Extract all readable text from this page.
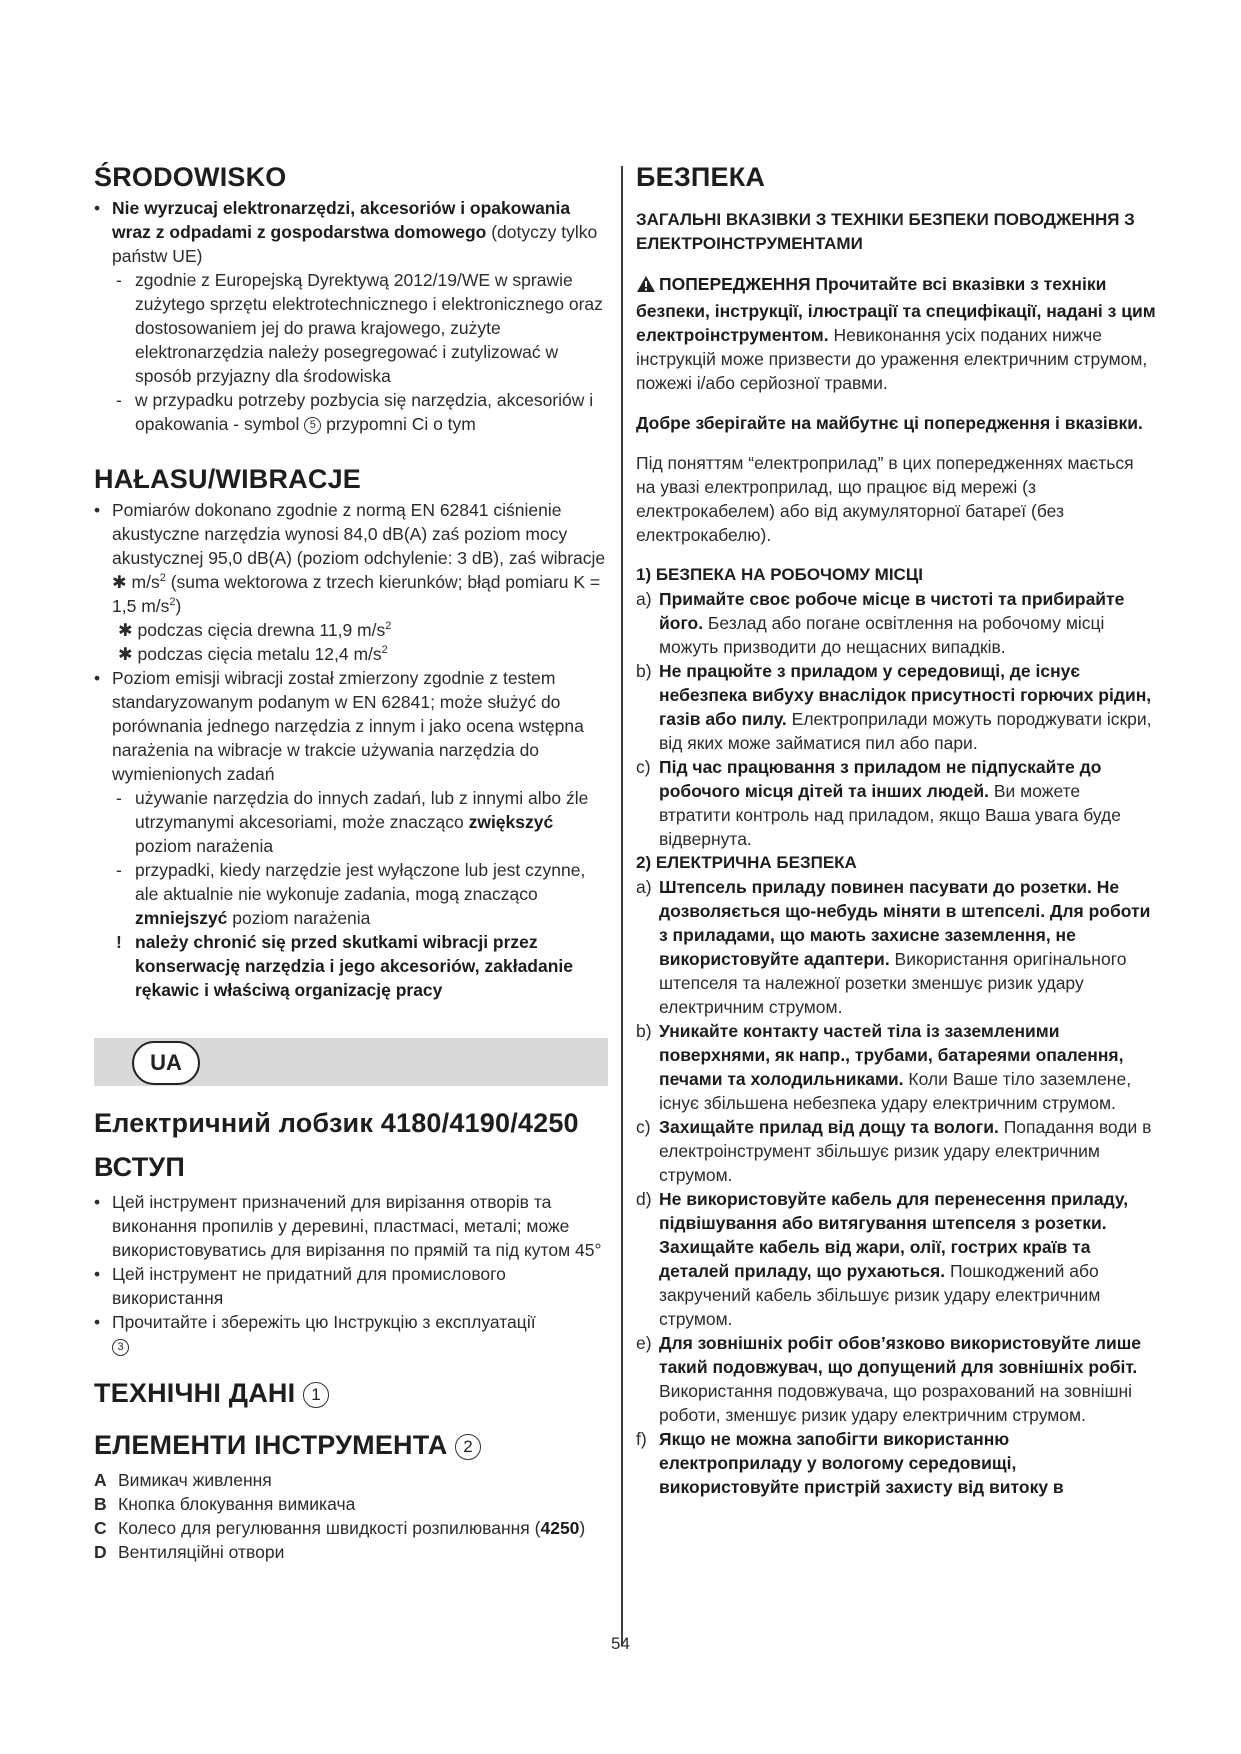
ŚRODOWISKO
• Nie wyrzucaj elektronarzędzi, akcesoriów i opakowania wraz z odpadami z gospodarstwa domowego (dotyczy tylko państw UE)
- zgodnie z Europejską Dyrektywą 2012/19/WE w sprawie zużytego sprzętu elektrotechnicznego i elektronicznego oraz dostosowaniem jej do prawa krajowego, zużyte elektronarzędzia należy posegregować i zutylizować w sposób przyjazny dla środowiska
- w przypadku potrzeby pozbycia się narzędzia, akcesoriów i opakowania - symbol 5 przypomni Ci o tym
HAŁASU/WIBRACJE
• Pomiarów dokonano zgodnie z normą EN 62841 ciśnienie akustyczne narzędzia wynosi 84,0 dB(A) zaś poziom mocy akustycznej 95,0 dB(A) (poziom odchylenie: 3 dB), zaś wibracje ✱ $m/s^2$ (suma wektorowa z trzech kierunków; błąd pomiaru K = 1,5 $m/s^2$)
✱ podczas cięcia drewna 11,9 $m/s^2$
✱ podczas cięcia metalu 12,4 $m/s^2$
• Poziom emisji wibracji został zmierzony zgodnie z testem standaryzowanym podanym w EN 62841; może służyć do porównania jednego narzędzia z innym i jako ocena wstępna narażenia na wibracje w trakcie używania narzędzia do wymienionych zadań
- używanie narzędzia do innych zadań, lub z innymi albo źle utrzymanymi akcesoriami, może znacząco zwiększyć poziom narażenia
- przypadki, kiedy narzędzie jest wyłączone lub jest czynne, ale aktualnie nie wykonuje zadania, mogą znacząco zmniejszyć poziom narażenia
! należy chronić się przed skutkami wibracji przez konserwację narzędzia i jego akcesoriów, zakładanie rękawic i właściwą organizację pracy
UA
Електричний лобзик 4180/4190/4250
ВСТУП
• Цей інструмент призначений для вирізання отворів та виконання пропилів у деревині, пластмасі, металі; може використовуватись для вирізання по прямій та під кутом 45°
• Цей інструмент не придатний для промислового використання
• Прочитайте і збережіть цю Інструкцію з експлуатації
3
ТЕХНІЧНІ ДАНІ 1
ЕЛЕМЕНТИ ІНСТРУМЕНТА 2
A Вимикач живлення
B Кнопка блокування вимикача
C Колесо для регулювання швидкості розпилювання (4250)
D Вентиляційні отвори
БЕЗПЕКА
ЗАГАЛЬНІ ВКАЗІВКИ З ТЕХНІКИ БЕЗПЕКИ ПОВОДЖЕННЯ З ЕЛЕКТРОІНСТРУМЕНТАМИ

ПОПЕРЕДЖЕННЯ Прочитайте всі вказівки з техніки безпеки, інструкції, ілюстрації та специфікації, надані з цим електроінструментом. Невиконання усіх поданих нижче інструкцій може призвести до ураження електричним струмом, пожежі і/або серйозної травми.

Добре зберігайте на майбутнє ці попередження і вказівки.

Під поняттям “електроприлад” в цих попередженнях мається на увазі електроприлад, що працює від мережі (з електрокабелем) або від акумуляторної батареї (без електрокабелю).

1) БЕЗПЕКА НА РОБОЧОМУ МІСЦІ
a) Примайте своє робоче місце в чистоті та прибирайте його. Безлад або погане освітлення на робочому місці можуть призводити до нещасних випадків.
b) Не працюйте з приладом у середовищі, де існує небезпека вибуху внаслідок присутності горючих рідин, газів або пилу. Електроприлади можуть породжувати іскри, від яких може займатися пил або пари.
c) Під час працювання з приладом не підпускайте до робочого місця дітей та інших людей. Ви можете втратити контроль над приладом, якщо Ваша увага буде відвернута.
2) ЕЛЕКТРИЧНА БЕЗПЕКА
a) Штепсель приладу повинен пасувати до розетки. Не дозволяється що-небудь міняти в штепселі. Для роботи з приладами, що мають захисне заземлення, не використовуйте адаптери. Використання оригінального штепселя та належної розетки зменшує ризик удару електричним струмом.
b) Уникайте контакту частей тіла із заземленими поверхнями, як напр., трубами, батареями опалення, печами та холодильниками. Коли Ваше тіло заземлене, існує збільшена небезпека удару електричним струмом.
c) Захищайте прилад від дощу та вологи. Попадання води в електроінструмент збільшує ризик удару електричним струмом.
d) Не використовуйте кабель для перенесення приладу, підвішування або витягування штепселя з розетки. Захищайте кабель від жари, олії, гострих країв та деталей приладу, що рухаються. Пошкоджений або закручений кабель збільшує ризик удару електричним струмом.
e) Для зовнішніх робіт обов’язково використовуйте лише такий подовжувач, що допущений для зовнішніх робіт. Використання подовжувача, що розрахований на зовнішні роботи, зменшує ризик удару електричним струмом.
f) Якщо не можна запобігти використанню електроприладу у вологому середовищі, використовуйте пристрій захисту від витоку в
54
